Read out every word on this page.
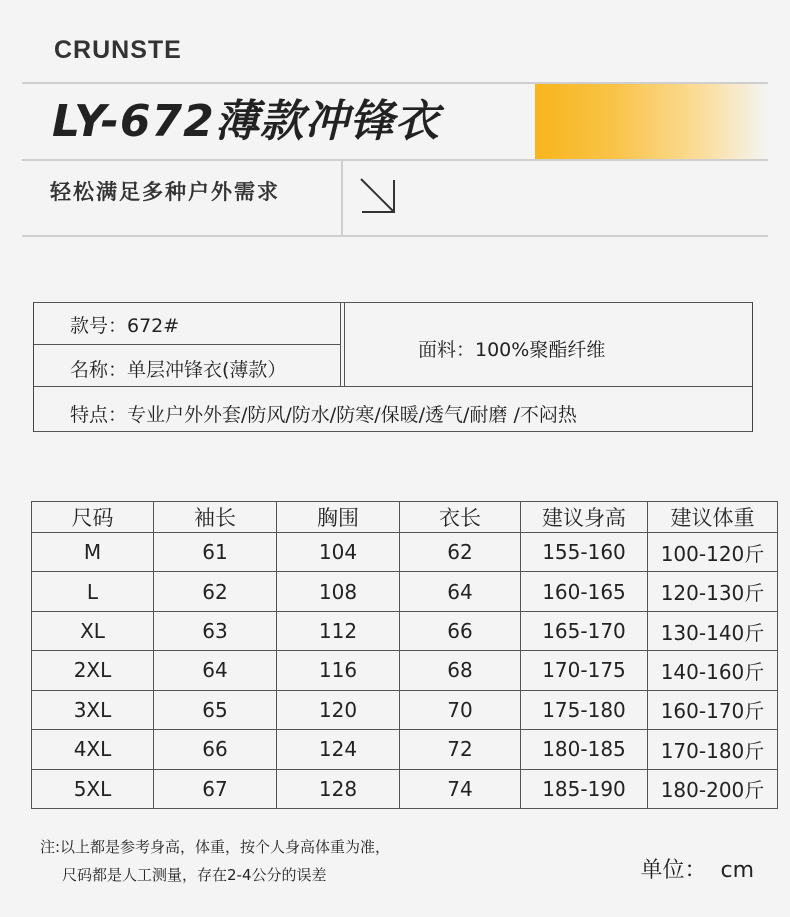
CRUNSTE
LY-672薄款冲锋衣
轻松满足多种户外需求
款号：672#
名称：单层冲锋衣(薄款）
面料：100%聚酯纤维
特点：专业户外外套/防风/防水/防寒/保暖/透气/耐磨 /不闷热
尺码	袖长	胸围	衣长	建议身高	建议体重
M	61	104	62	155-160	100-120斤
L	62	108	64	160-165	120-130斤
XL	63	112	66	165-170	130-140斤
2XL	64	116	68	170-175	140-160斤
3XL	65	120	70	175-180	160-170斤
4XL	66	124	72	180-185	170-180斤
5XL	67	128	74	185-190	180-200斤
注:以上都是参考身高，体重，按个人身高体重为准，
尺码都是人工测量，存在2-4公分的误差	单位：  cm
